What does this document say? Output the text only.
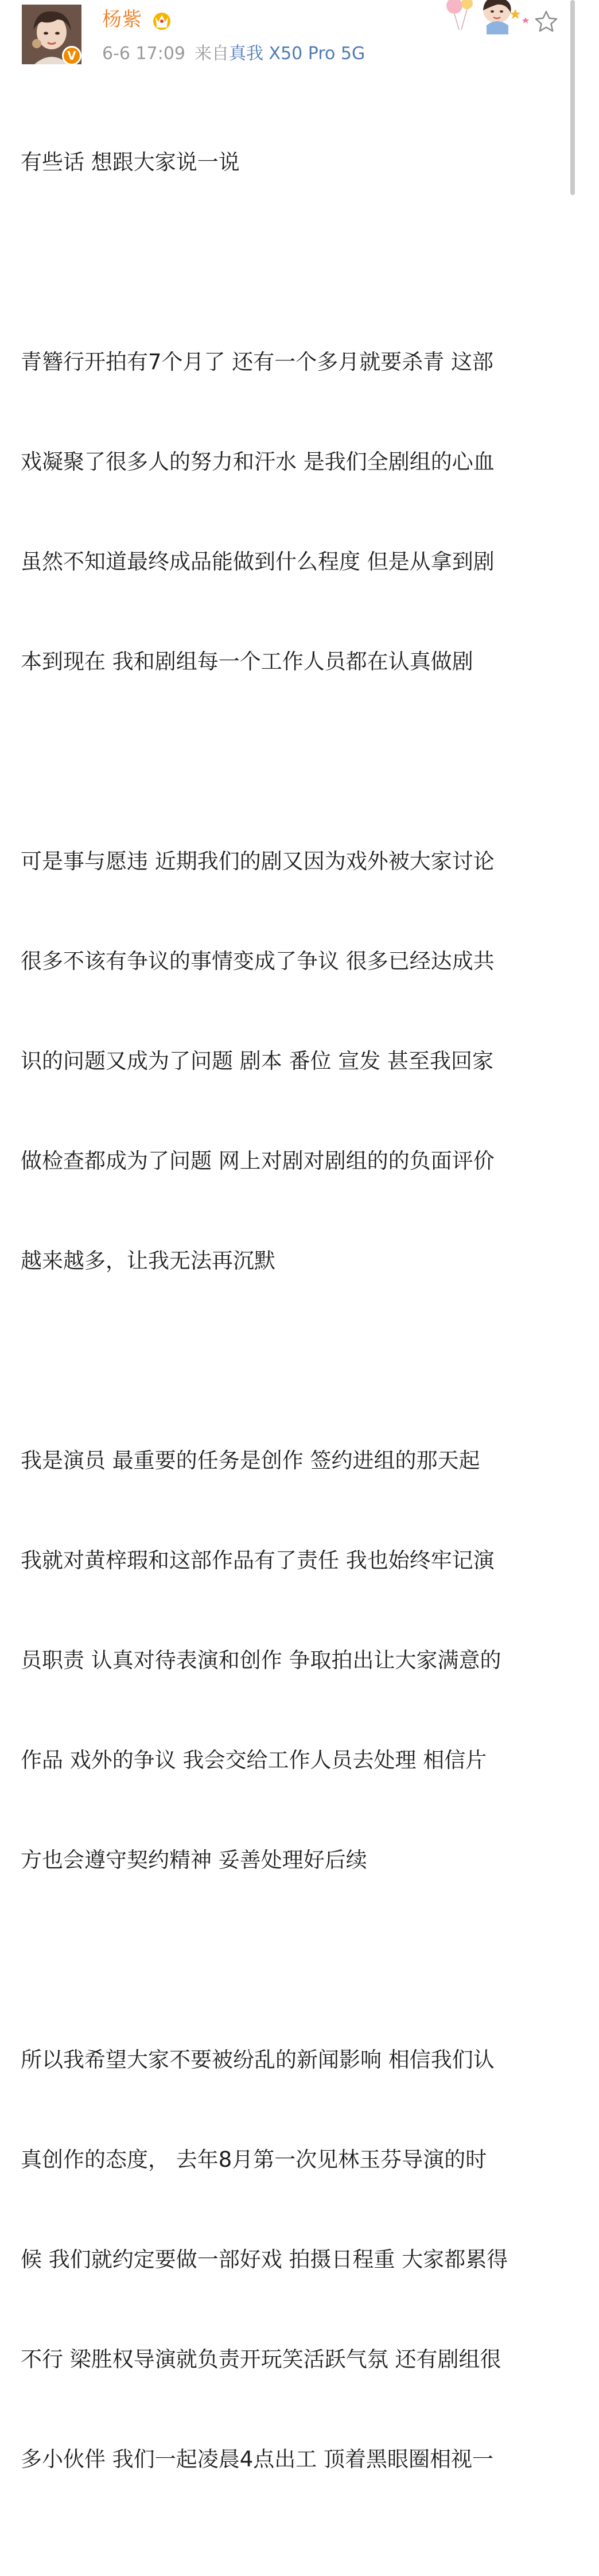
V
杨紫
6-6 17:09 来自真我 X50 Pro 5G

有些话 想跟大家说一说

青簪行开拍有7个月了 还有一个多月就要杀青 这部

戏凝聚了很多人的努力和汗水 是我们全剧组的心血

虽然不知道最终成品能做到什么程度 但是从拿到剧

本到现在 我和剧组每一个工作人员都在认真做剧

可是事与愿违 近期我们的剧又因为戏外被大家讨论

很多不该有争议的事情变成了争议 很多已经达成共

识的问题又成为了问题 剧本 番位 宣发 甚至我回家

做检查都成为了问题 网上对剧对剧组的的负面评价

越来越多，让我无法再沉默

我是演员 最重要的任务是创作 签约进组的那天起

我就对黄梓瑕和这部作品有了责任 我也始终牢记演

员职责 认真对待表演和创作 争取拍出让大家满意的

作品 戏外的争议 我会交给工作人员去处理 相信片

方也会遵守契约精神 妥善处理好后续

所以我希望大家不要被纷乱的新闻影响 相信我们认

真创作的态度， 去年8月第一次见林玉芬导演的时

候 我们就约定要做一部好戏 拍摄日程重 大家都累得

不行 梁胜权导演就负责开玩笑活跃气氛 还有剧组很

多小伙伴 我们一起凌晨4点出工 顶着黑眼圈相视一
